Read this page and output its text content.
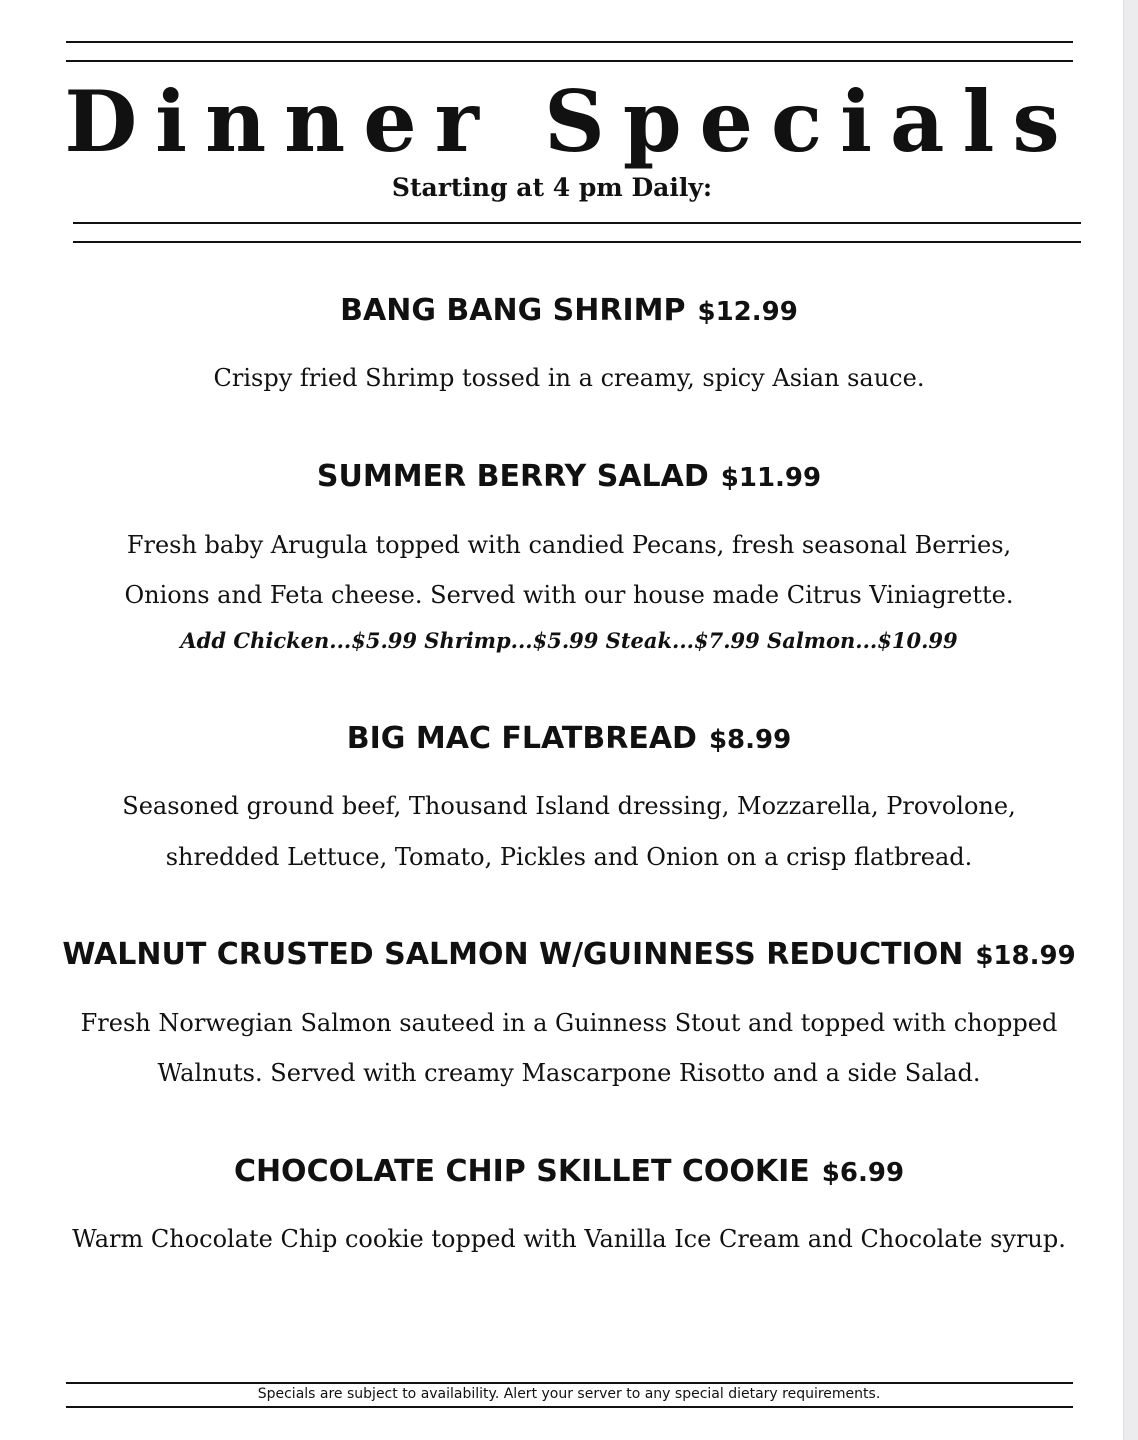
Dinner Specials
Starting at 4 pm Daily:
BANG BANG SHRIMP $12.99
Crispy fried Shrimp tossed in a creamy, spicy Asian sauce.
SUMMER BERRY SALAD $11.99
Fresh baby Arugula topped with candied Pecans, fresh seasonal Berries,
Onions and Feta cheese. Served with our house made Citrus Viniagrette.
Add Chicken...$5.99 Shrimp...$5.99 Steak...$7.99 Salmon...$10.99
BIG MAC FLATBREAD $8.99
Seasoned ground beef, Thousand Island dressing, Mozzarella, Provolone,
shredded Lettuce, Tomato, Pickles and Onion on a crisp flatbread.
WALNUT CRUSTED SALMON W/GUINNESS REDUCTION $18.99
Fresh Norwegian Salmon sauteed in a Guinness Stout and topped with chopped
Walnuts. Served with creamy Mascarpone Risotto and a side Salad.
CHOCOLATE CHIP SKILLET COOKIE $6.99
Warm Chocolate Chip cookie topped with Vanilla Ice Cream and Chocolate syrup.
Specials are subject to availability. Alert your server to any special dietary requirements.
